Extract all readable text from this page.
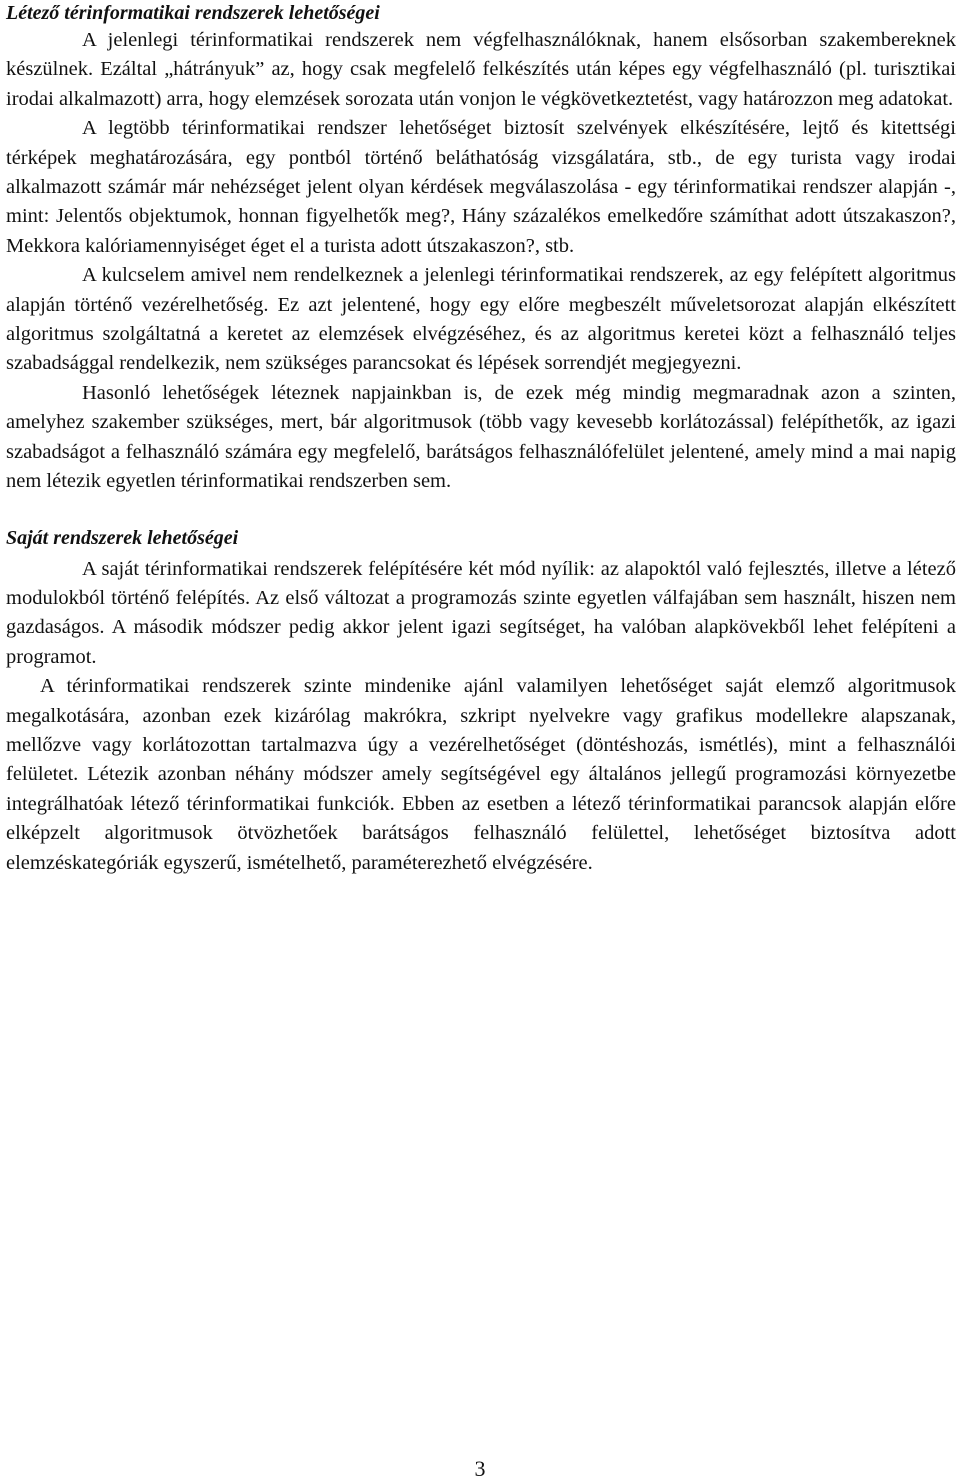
Létező térinformatikai rendszerek lehetőségei

A jelenlegi térinformatikai rendszerek nem végfelhasználóknak, hanem elsősorban szakembereknek készülnek. Ezáltal „hátrányuk” az, hogy csak megfelelő felkészítés után képes egy végfelhasználó (pl. turisztikai irodai alkalmazott) arra, hogy elemzések sorozata után vonjon le végkövetkeztetést, vagy határozzon meg adatokat.

A legtöbb térinformatikai rendszer lehetőséget biztosít szelvények elkészítésére, lejtő és kitettségi térképek meghatározására, egy pontból történő beláthatóság vizsgálatára, stb., de egy turista vagy irodai alkalmazott számár már nehézséget jelent olyan kérdések megválaszolása - egy térinformatikai rendszer alapján -, mint: Jelentős objektumok, honnan figyelhetők meg?, Hány százalékos emelkedőre számíthat adott útszakaszon?, Mekkora kalóriamennyiséget éget el a turista adott útszakaszon?, stb.

A kulcselem amivel nem rendelkeznek a jelenlegi térinformatikai rendszerek, az egy felépített algoritmus alapján történő vezérelhetőség. Ez azt jelentené, hogy egy előre megbeszélt műveletsorozat alapján elkészített algoritmus szolgáltatná a keretet az elemzések elvégzéséhez, és az algoritmus keretei közt a felhasználó teljes szabadsággal rendelkezik, nem szükséges parancsokat és lépések sorrendjét megjegyezni.

Hasonló lehetőségek léteznek napjainkban is, de ezek még mindig megmaradnak azon a szinten, amelyhez szakember szükséges, mert, bár algoritmusok (több vagy kevesebb korlátozással) felépíthetők, az igazi szabadságot a felhasználó számára egy megfelelő, barátságos felhasználófelület jelentené, amely mind a mai napig nem létezik egyetlen térinformatikai rendszerben sem.

Saját rendszerek lehetőségei

A saját térinformatikai rendszerek felépítésére két mód nyílik: az alapoktól való fejlesztés, illetve a létező modulokból történő felépítés. Az első változat a programozás szinte egyetlen válfajában sem használt, hiszen nem gazdaságos. A második módszer pedig akkor jelent igazi segítséget, ha valóban alapkövekből lehet felépíteni a programot.

A térinformatikai rendszerek szinte mindenike ajánl valamilyen lehetőséget saját elemző algoritmusok megalkotására, azonban ezek kizárólag makrókra, szkript nyelvekre vagy grafikus modellekre alapszanak, mellőzve vagy korlátozottan tartalmazva úgy a vezérelhetőséget (döntéshozás, ismétlés), mint a felhasználói felületet. Létezik azonban néhány módszer amely segítségével egy általános jellegű programozási környezetbe integrálhatóak létező térinformatikai funkciók. Ebben az esetben a létező térinformatikai parancsok alapján előre elképzelt algoritmusok ötvözhetőek barátságos felhasználó felülettel, lehetőséget biztosítva adott elemzéskategóriák egyszerű, ismételhető, paraméterezhető elvégzésére.

3
